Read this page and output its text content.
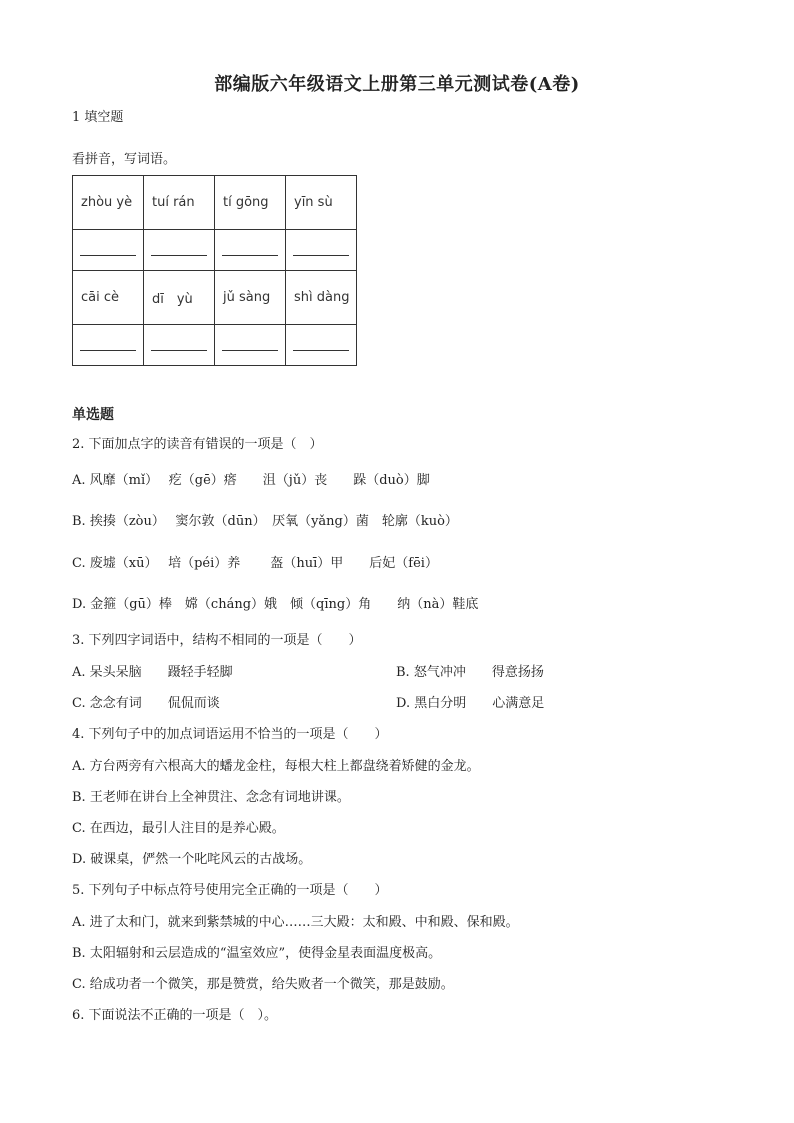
部编版六年级语文上册第三单元测试卷(A卷)
1 填空题
看拼音，写词语。
zhòu yè	tuí rán	tí gōng	yīn sù

cāi cè	dī　yù	jǔ sàng	shì dàng

单选题
2. 下面加点字的读音有错误的一项是（　）
A. 风靡（mǐ）　 疙（gē）瘩　　沮（jǔ）丧　　跺（duò）脚
B. 挨揍（zòu）　 窦尔敦（dūn）　厌氧（yǎng）菌　轮廓（kuò）
C. 废墟（xū）　 培（péi）养　　 盔（huī）甲　　后妃（fēi）
D. 金箍（gū）棒　嫦（cháng）娥　倾（qīng）角　　纳（nà）鞋底
3. 下列四字词语中，结构不相同的一项是（　　）
A. 呆头呆脑　　蹑轻手轻脚	B. 怒气冲冲　　得意扬扬
C. 念念有词　　侃侃而谈	D. 黑白分明　　心满意足
4. 下列句子中的加点词语运用不恰当的一项是（　　）
A. 方台两旁有六根高大的蟠龙金柱，每根大柱上都盘绕着矫健的金龙。
B. 王老师在讲台上全神贯注、念念有词地讲课。
C. 在西边，最引人注目的是养心殿。
D. 破课桌，俨然一个叱咤风云的古战场。
5. 下列句子中标点符号使用完全正确的一项是（　　）
A. 进了太和门，就来到紫禁城的中心……三大殿：太和殿、中和殿、保和殿。
B. 太阳辐射和云层造成的“温室效应”，使得金星表面温度极高。
C. 给成功者一个微笑，那是赞赏，给失败者一个微笑，那是鼓励。
6. 下面说法不正确的一项是（　）。
